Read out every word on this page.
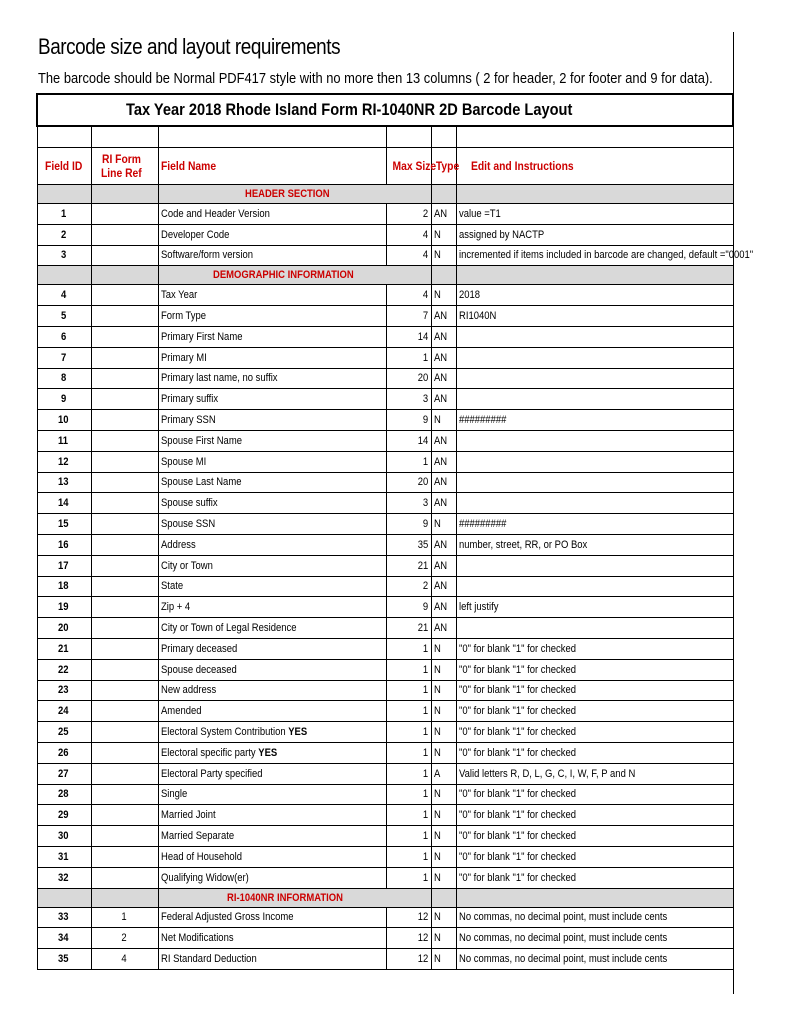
Barcode size and layout requirements
The barcode should be Normal PDF417 style with no more then 13 columns ( 2 for header, 2 for footer and 9 for data).
Tax Year 2018 Rhode Island Form RI-1040NR 2D Barcode Layout					

Field ID	RI Form
Line Ref	Field Name	Max Size	Type	Edit and Instructions
		HEADER SECTION			
1		Code and Header Version	2	AN	value =T1
2		Developer Code	4	N	assigned by NACTP
3		Software/form version	4	N	incremented if items included in barcode are changed, default ="0001"
		DEMOGRAPHIC INFORMATION			
4		Tax Year	4	N	2018
5		Form Type	7	AN	RI1040N
6		Primary First Name	14	AN	
7		Primary MI	1	AN	
8		Primary last name, no suffix	20	AN	
9		Primary suffix	3	AN	
10		Primary SSN	9	N	#########
11		Spouse First Name	14	AN	
12		Spouse MI	1	AN	
13		Spouse Last Name	20	AN	
14		Spouse suffix	3	AN	
15		Spouse SSN	9	N	#########
16		Address	35	AN	number, street, RR, or PO Box
17		City or Town	21	AN	
18		State	2	AN	
19		Zip + 4	9	AN	left justify
20		City or Town of Legal Residence	21	AN	
21		Primary deceased	1	N	"0" for blank "1" for checked
22		Spouse deceased	1	N	"0" for blank "1" for checked
23		New address	1	N	"0" for blank "1" for checked
24		Amended	1	N	"0" for blank "1" for checked
25		Electoral System Contribution YES	1	N	"0" for blank "1" for checked
26		Electoral specific party YES	1	N	"0" for blank "1" for checked
27		Electoral Party specified	1	A	Valid letters R, D, L, G, C, I, W, F, P and N
28		Single	1	N	"0" for blank "1" for checked
29		Married Joint	1	N	"0" for blank "1" for checked
30		Married Separate	1	N	"0" for blank "1" for checked
31		Head of Household	1	N	"0" for blank "1" for checked
32		Qualifying Widow(er)	1	N	"0" for blank "1" for checked
		RI-1040NR INFORMATION			
33	1	Federal Adjusted Gross Income	12	N	No commas, no decimal point, must include cents
34	2	Net Modifications	12	N	No commas, no decimal point, must include cents
35	4	RI Standard Deduction	12	N	No commas, no decimal point, must include cents
